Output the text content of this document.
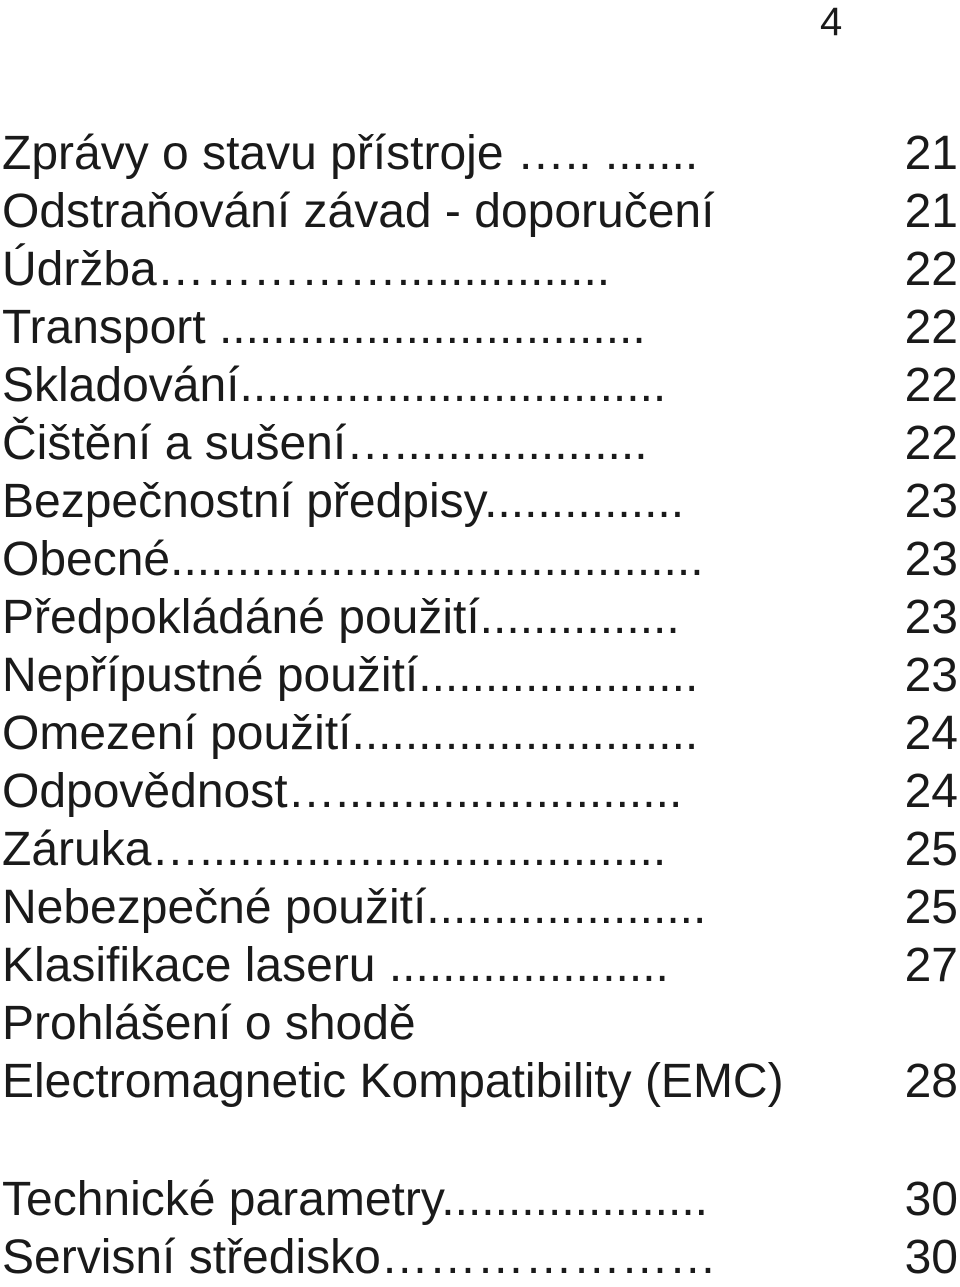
4
Zprávy o stavu přístroje ….. .......	21
Odstraňování závad - doporučení	21
Údržba……………................	22
Transport ................................	22
Skladování................................	22
Čištění a sušení…...................	22
Bezpečnostní předpisy...............	23
Obecné........................................	23
Předpokládáné použití...............	23
Nepřípustné použití.....................	23
Omezení použití..........................	24
Odpovědnost…..........................	24
Záruka…...................................	25
Nebezpečné použití.....................	25
Klasifikace laseru .....................	27
Prohlášení o shodě
Electromagnetic Kompatibility (EMC)	28
Technické parametry....................	30
Servisní středisko…………………	30
